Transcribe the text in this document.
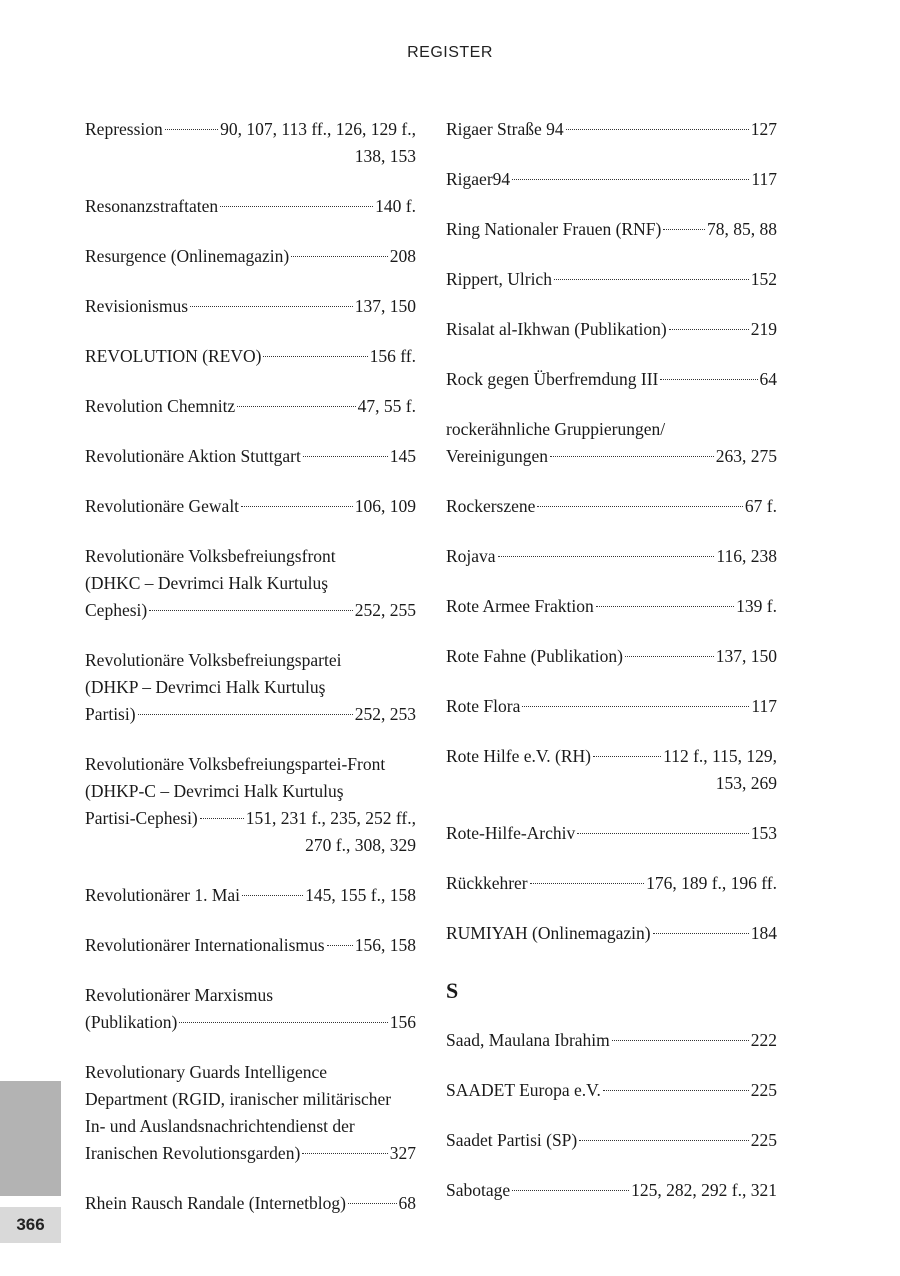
REGISTER
Repression	90, 107, 113 ff., 126, 129 f.,
138, 153
Resonanzstraftaten	140 f.
Resurgence (Onlinemagazin)	208
Revisionismus	137, 150
REVOLUTION (REVO)	156 ff.
Revolution Chemnitz	47, 55 f.
Revolutionäre Aktion Stuttgart	145
Revolutionäre Gewalt	106, 109
Revolutionäre Volksbefreiungsfront
(DHKC – Devrimci Halk Kurtuluş
Cephesi)	252, 255
Revolutionäre Volksbefreiungspartei
(DHKP – Devrimci Halk Kurtuluş
Partisi)	252, 253
Revolutionäre Volksbefreiungspartei-Front
(DHKP-C – Devrimci Halk Kurtuluş
Partisi-Cephesi)	151, 231 f., 235, 252 ff.,
270 f., 308, 329
Revolutionärer 1. Mai	145, 155 f., 158
Revolutionärer Internationalismus 156, 158
Revolutionärer Marxismus
(Publikation)	156
Revolutionary Guards Intelligence
Department (RGID, iranischer militärischer
In- und Auslandsnachrichtendienst der
Iranischen Revolutionsgarden)	327
Rhein Rausch Randale (Internetblog)	68
Rigaer Straße 94	127
Rigaer94	117
Ring Nationaler Frauen (RNF)	78, 85, 88
Rippert, Ulrich	152
Risalat al-Ikhwan (Publikation)	219
Rock gegen Überfremdung III	64
rockerähnliche Gruppierungen/
Vereinigungen	263, 275
Rockerszene	67 f.
Rojava	116, 238
Rote Armee Fraktion	139 f.
Rote Fahne (Publikation)	137, 150
Rote Flora	117
Rote Hilfe e.V. (RH)	112 f., 115, 129,
153, 269
Rote-Hilfe-Archiv	153
Rückkehrer	176, 189 f., 196 ff.
RUMIYAH (Onlinemagazin)	184
S
Saad, Maulana Ibrahim	222
SAADET Europa e.V.	225
Saadet Partisi (SP)	225
Sabotage	125, 282, 292 f., 321
366
